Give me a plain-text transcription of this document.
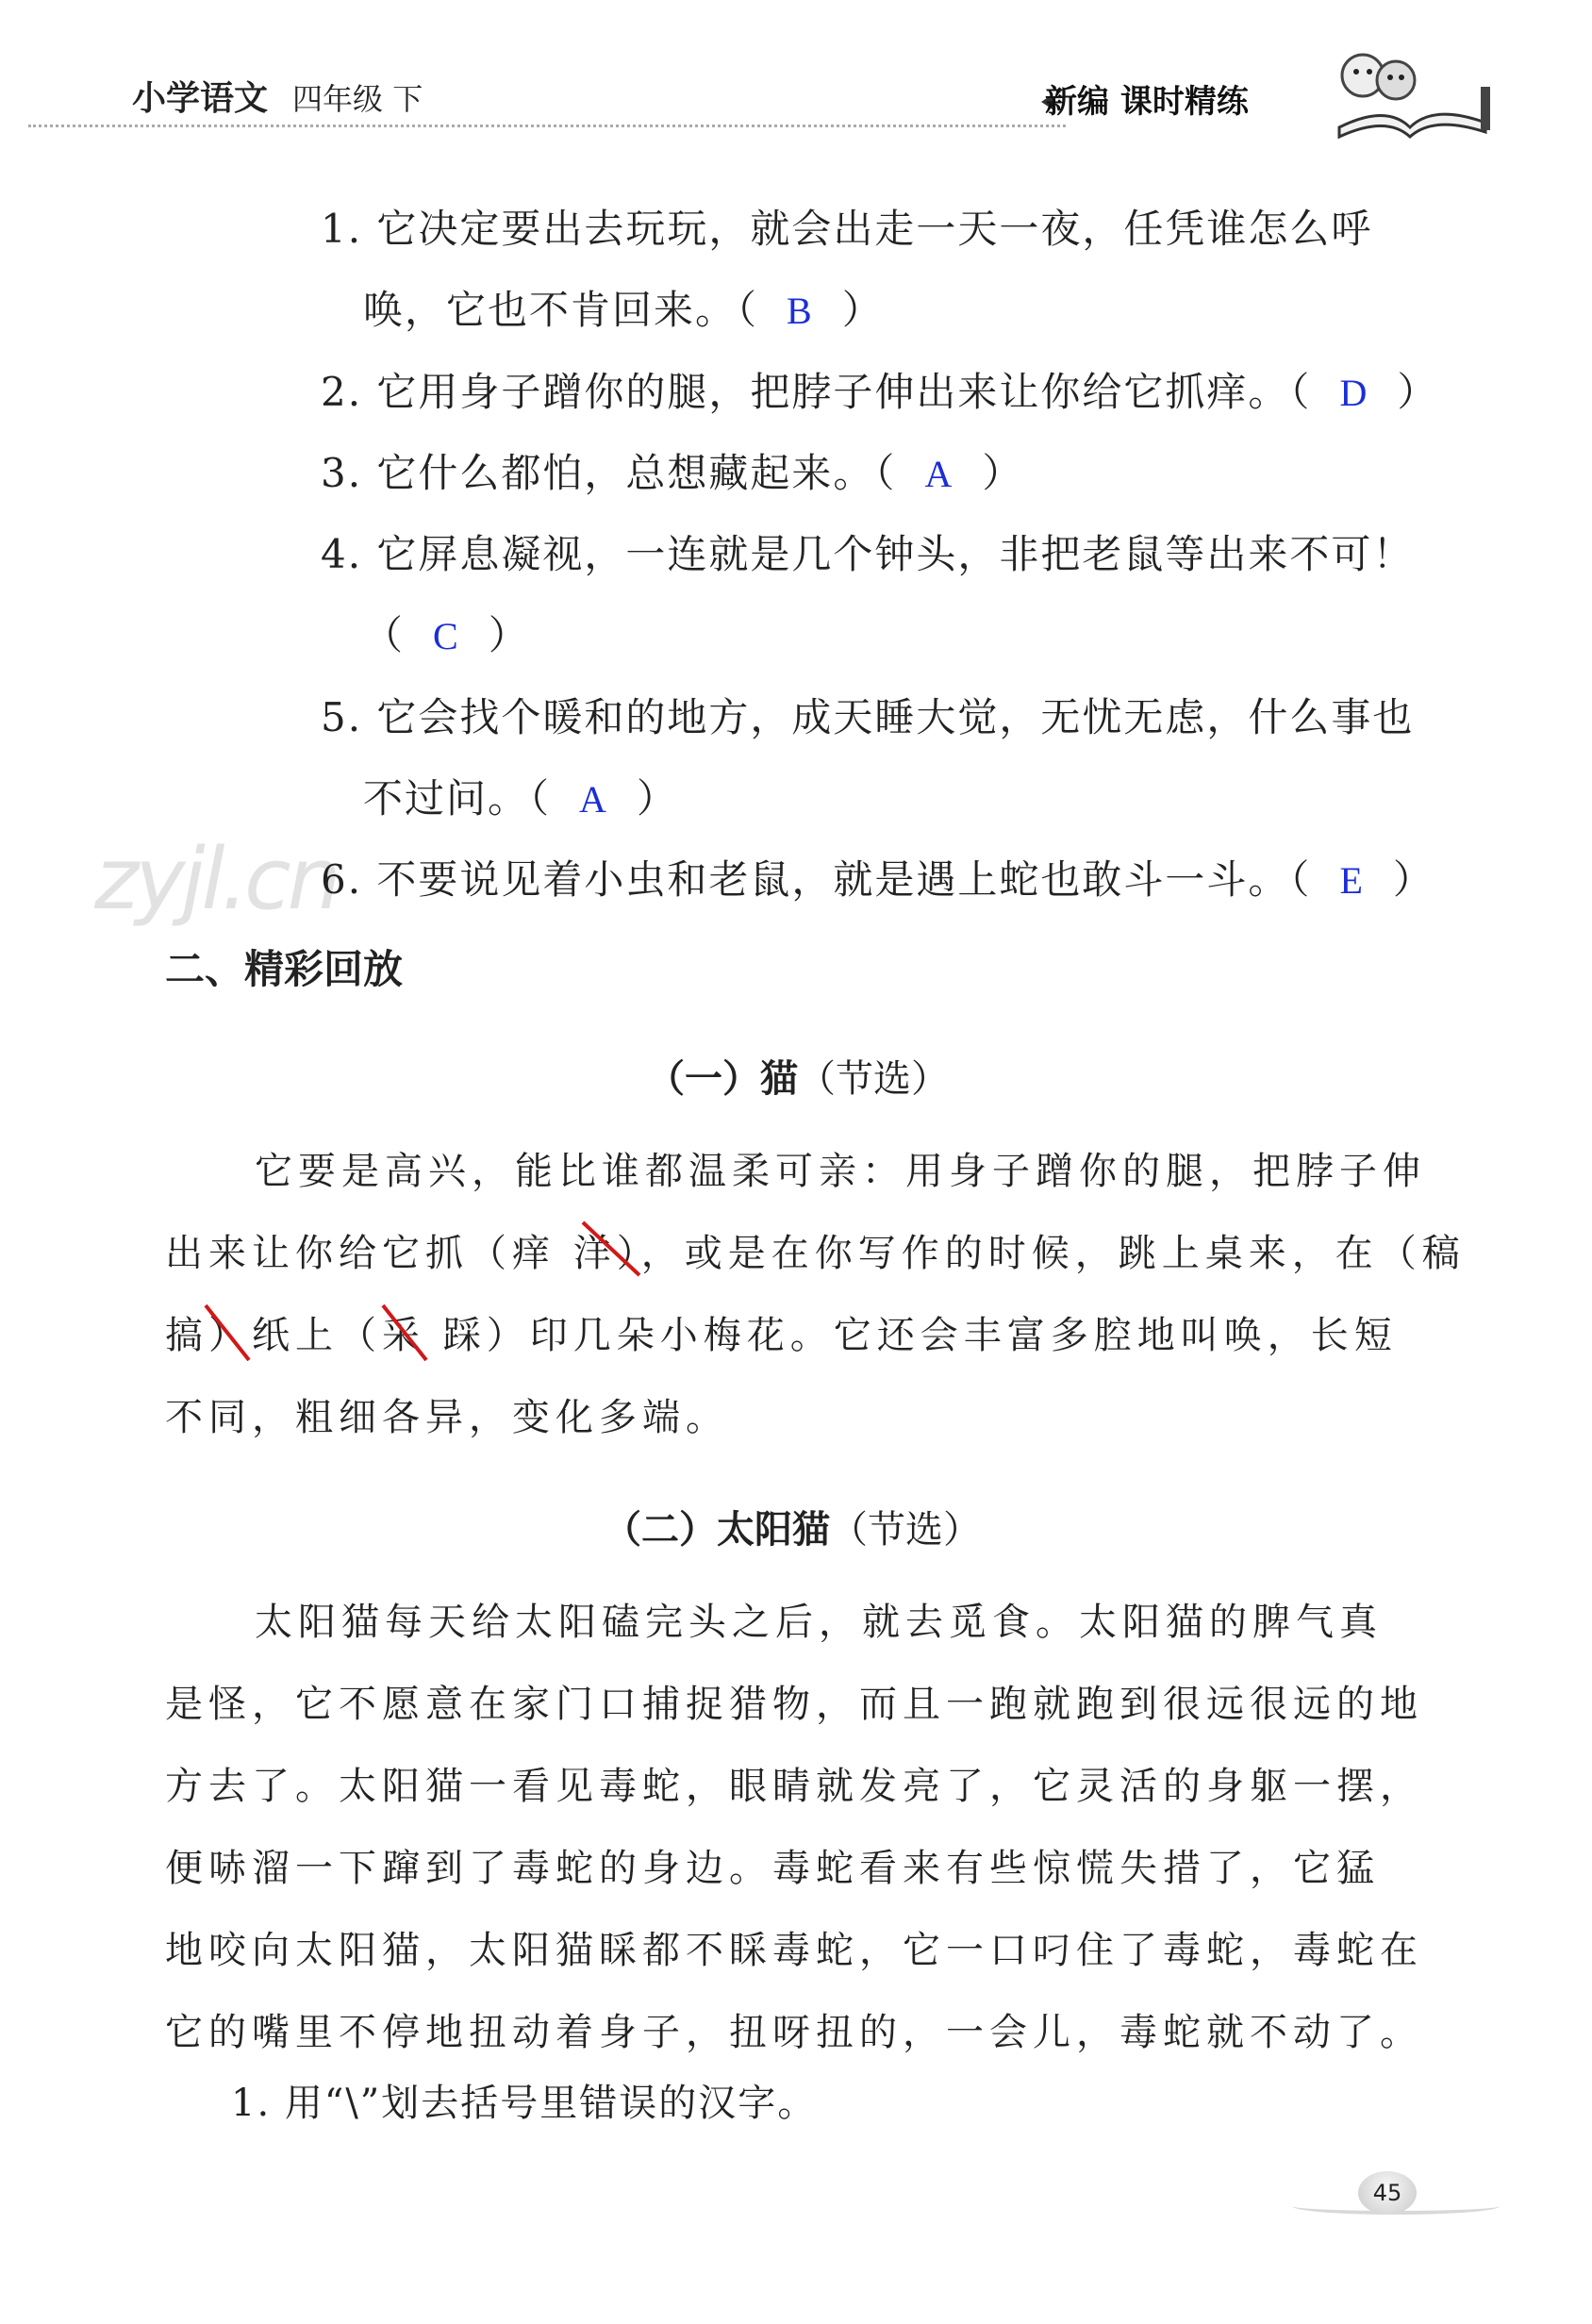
小学语文 四年级 下	新编 课时精练
zyjl.cn
1. 它决定要出去玩玩，就会出走一天一夜，任凭谁怎么呼
唤，它也不肯回来。（ B ）
2. 它用身子蹭你的腿，把脖子伸出来让你给它抓痒。（ D ）
3. 它什么都怕，总想藏起来。（ A ）
4. 它屏息凝视，一连就是几个钟头，非把老鼠等出来不可！
（ C ）
5. 它会找个暖和的地方，成天睡大觉，无忧无虑，什么事也
不过问。（ A ）
6. 不要说见着小虫和老鼠，就是遇上蛇也敢斗一斗。（ E ）
二、精彩回放
（一）猫（节选）
它要是高兴，能比谁都温柔可亲：用身子蹭你的腿，把脖子伸
出来让你给它抓（痒 洋），或是在你写作的时候，跳上桌来，在（稿
搞）纸上（采 踩）印几朵小梅花。它还会丰富多腔地叫唤，长短
不同，粗细各异，变化多端。
（二）太阳猫（节选）
太阳猫每天给太阳磕完头之后，就去觅食。太阳猫的脾气真
是怪，它不愿意在家门口捕捉猎物，而且一跑就跑到很远很远的地
方去了。太阳猫一看见毒蛇，眼睛就发亮了，它灵活的身躯一摆，
便哧溜一下蹿到了毒蛇的身边。毒蛇看来有些惊慌失措了，它猛
地咬向太阳猫，太阳猫睬都不睬毒蛇，它一口叼住了毒蛇，毒蛇在
它的嘴里不停地扭动着身子，扭呀扭的，一会儿，毒蛇就不动了。
1. 用“\”划去括号里错误的汉字。
45
